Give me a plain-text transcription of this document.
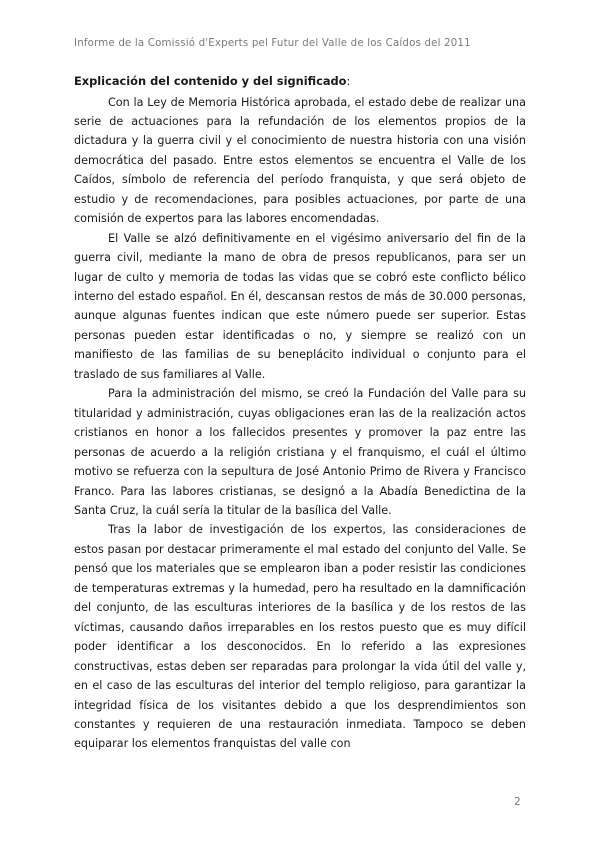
Informe de la Comissió d'Experts pel Futur del Valle de los Caídos del 2011
Explicación del contenido y del significado:

Con la Ley de Memoria Histórica aprobada, el estado debe de realizar una serie de actuaciones para la refundación de los elementos propios de la dictadura y la guerra civil y el conocimiento de nuestra historia con una visión democrática del pasado. Entre estos elementos se encuentra el Valle de los Caídos, símbolo de referencia del período franquista, y que será objeto de estudio y de recomendaciones, para posibles actuaciones, por parte de una comisión de expertos para las labores encomendadas.

El Valle se alzó definitivamente en el vigésimo aniversario del fin de la guerra civil, mediante la mano de obra de presos republicanos, para ser un lugar de culto y memoria de todas las vidas que se cobró este conflicto bélico interno del estado español. En él, descansan restos de más de 30.000 personas, aunque algunas fuentes indican que este número puede ser superior. Estas personas pueden estar identificadas o no, y siempre se realizó con un manifiesto de las familias de su beneplácito individual o conjunto para el traslado de sus familiares al Valle.

Para la administración del mismo, se creó la Fundación del Valle para su titularidad y administración, cuyas obligaciones eran las de la realización actos cristianos en honor a los fallecidos presentes y promover la paz entre las personas de acuerdo a la religión cristiana y el franquismo, el cuál el último motivo se refuerza con la sepultura de José Antonio Primo de Rivera y Francisco Franco. Para las labores cristianas, se designó a la Abadía Benedictina de la Santa Cruz, la cuál sería la titular de la basílica del Valle.

Tras la labor de investigación de los expertos, las consideraciones de estos pasan por destacar primeramente el mal estado del conjunto del Valle. Se pensó que los materiales que se emplearon iban a poder resistir las condiciones de temperaturas extremas y la humedad, pero ha resultado en la damnificación del conjunto, de las esculturas interiores de la basílica y de los restos de las víctimas, causando daños irreparables en los restos puesto que es muy difícil poder identificar a los desconocidos. En lo referido a las expresiones constructivas, estas deben ser reparadas para prolongar la vida útil del valle y, en el caso de las esculturas del interior del templo religioso, para garantizar la integridad física de los visitantes debido a que los desprendimientos son constantes y requieren de una restauración inmediata. Tampoco se deben equiparar los elementos franquistas del valle con

2
